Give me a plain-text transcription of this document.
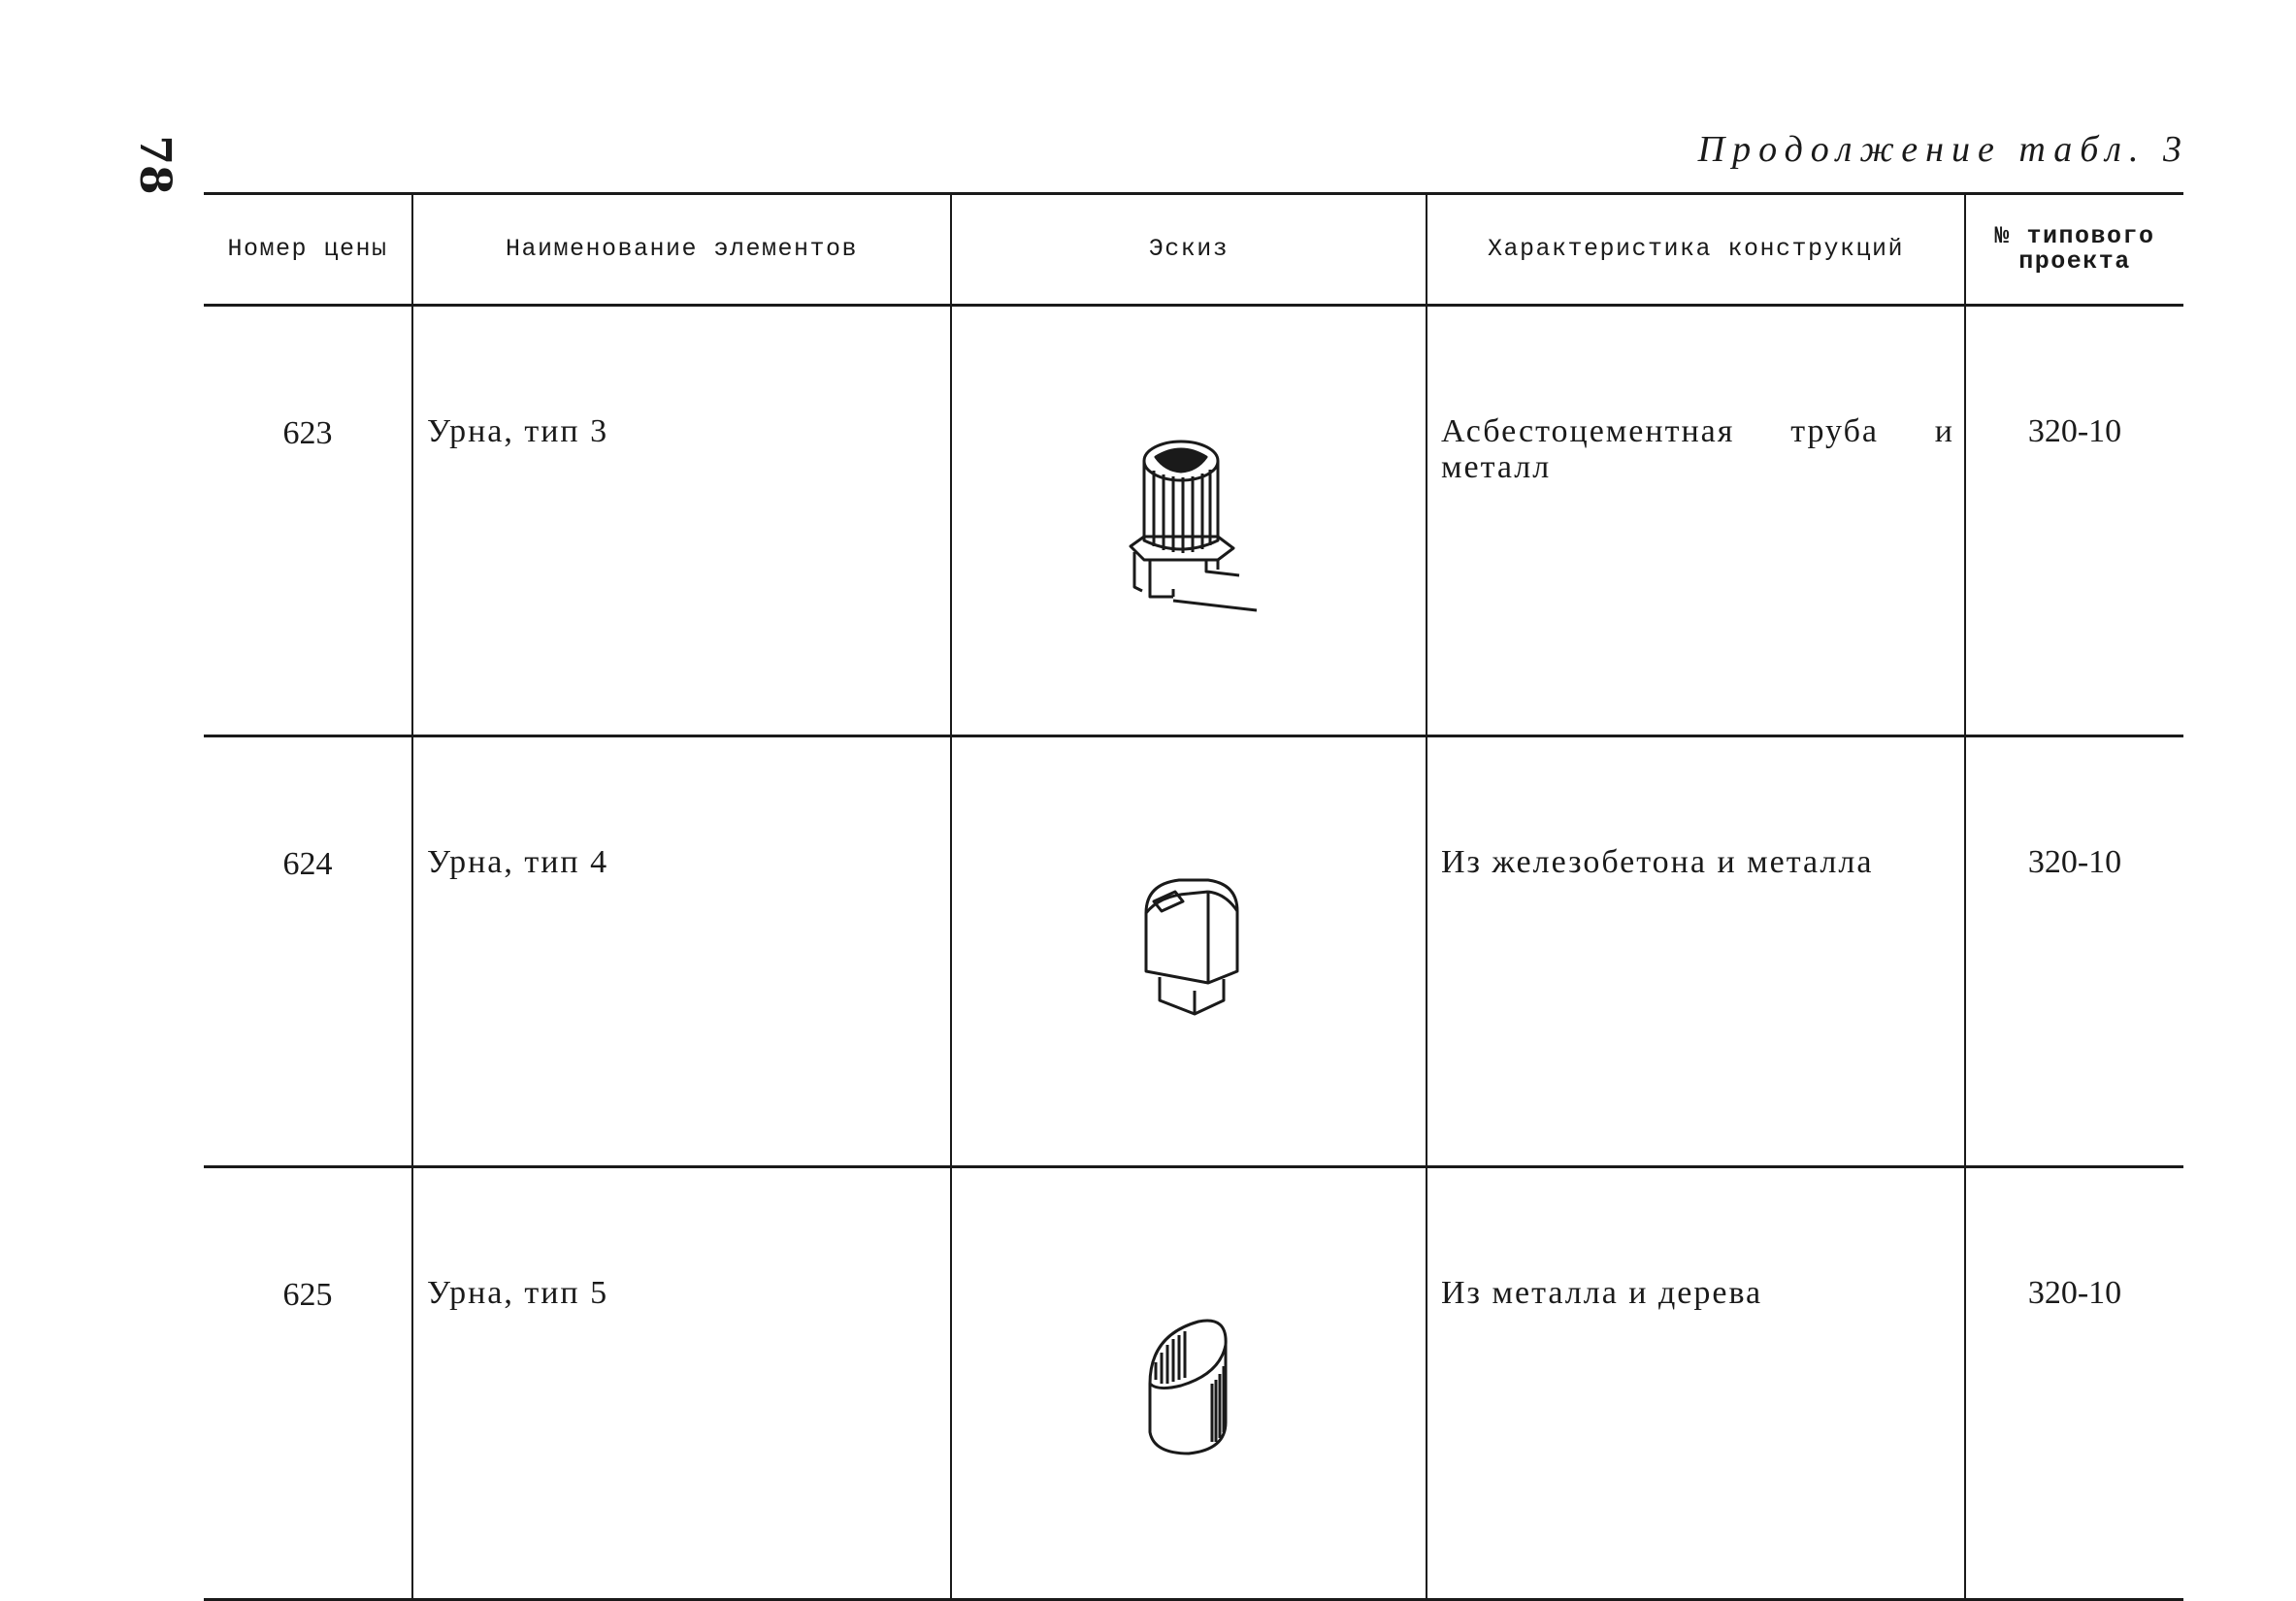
78	Продолжение табл. 3
Номер цены	Наименование элементов	Эскиз	Характеристика конструкций	№ типового проекта
623	Урна, тип 3		Асбестоцементная труба и металл	320-10
624	Урна, тип 4		Из железобетона и металла	320-10
625	Урна, тип 5		Из металла и дерева	320-10
